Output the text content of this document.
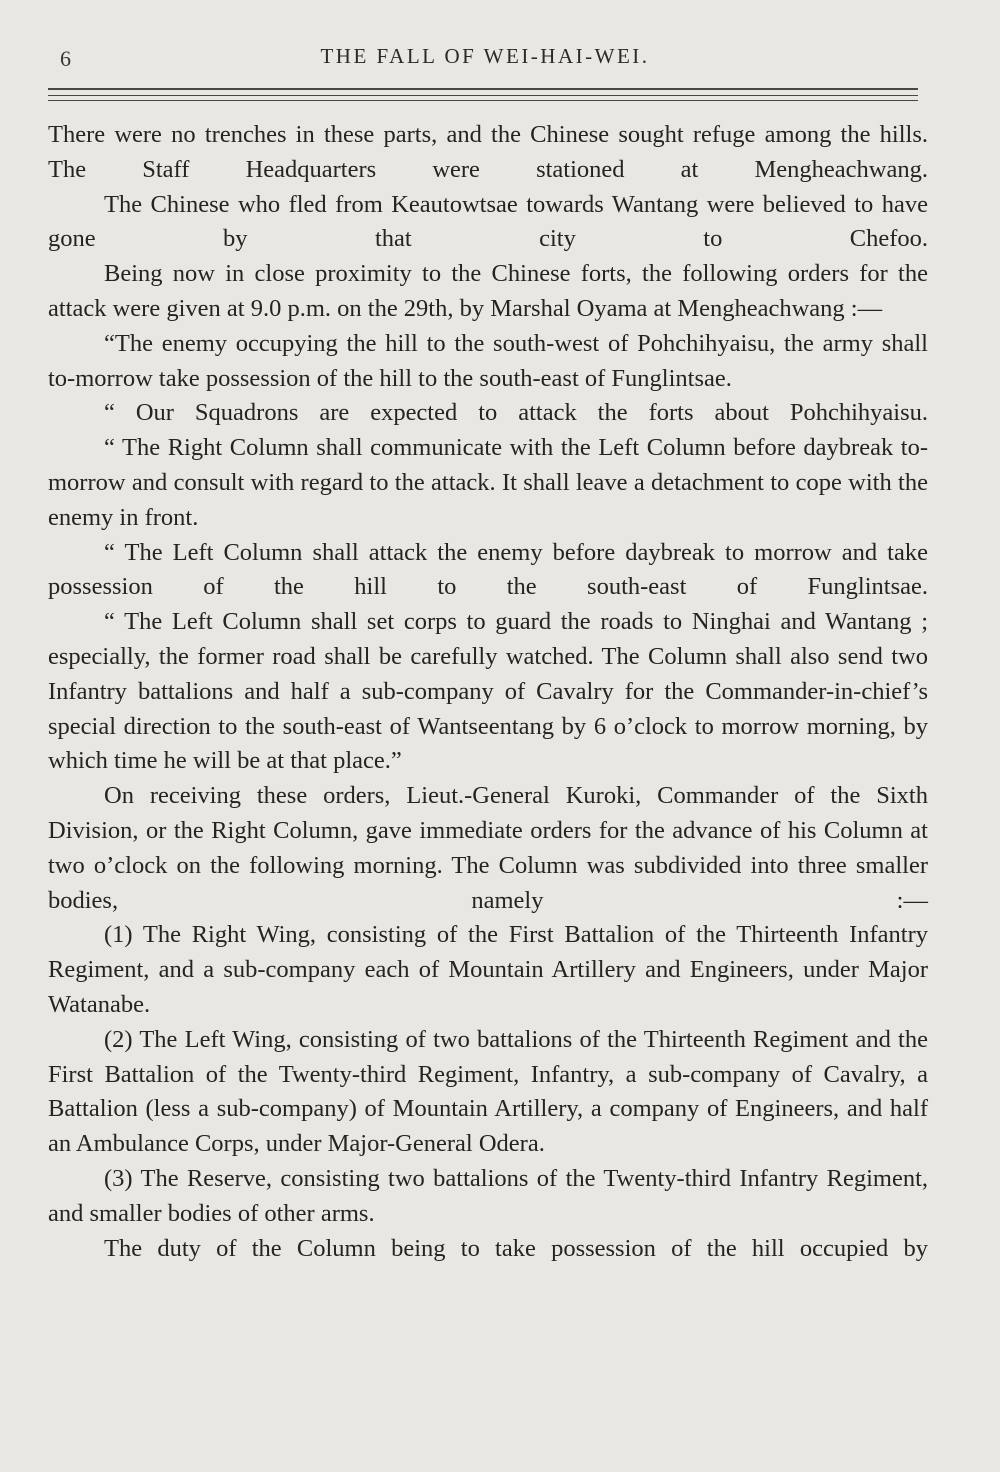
6	THE FALL OF WEI-HAI-WEI.

There were no trenches in these parts, and the Chinese sought refuge among the hills. The Staff Headquarters were stationed at Mengheachwang.

The Chinese who fled from Keautowtsae towards Wantang were believed to have gone by that city to Chefoo.

Being now in close proximity to the Chinese forts, the following orders for the attack were given at 9.0 p.m. on the 29th, by Marshal Oyama at Mengheachwang :—

“The enemy occupying the hill to the south-west of Pohchihyaisu, the army shall to-morrow take possession of the hill to the south-east of Funglintsae.

“ Our Squadrons are expected to attack the forts about Pohchihyaisu.

“ The Right Column shall communicate with the Left Column before daybreak to-morrow and consult with regard to the attack. It shall leave a detachment to cope with the enemy in front.

“ The Left Column shall attack the enemy before daybreak to morrow and take possession of the hill to the south-east of Funglintsae.

“ The Left Column shall set corps to guard the roads to Ninghai and Wantang ; especially, the former road shall be carefully watched. The Column shall also send two Infantry battalions and half a sub-company of Cavalry for the Commander-in-chief’s special direction to the south-east of Wantseentang by 6 o’clock to morrow morning, by which time he will be at that place.”

On receiving these orders, Lieut.-General Kuroki, Commander of the Sixth Division, or the Right Column, gave immediate orders for the advance of his Column at two o’clock on the following morning. The Column was subdivided into three smaller bodies, namely :—

(1) The Right Wing, consisting of the First Battalion of the Thirteenth Infantry Regiment, and a sub-company each of Mountain Artillery and Engineers, under Major Watanabe.

(2) The Left Wing, consisting of two battalions of the Thirteenth Regiment and the First Battalion of the Twenty-third Regiment, Infantry, a sub-company of Cavalry, a Battalion (less a sub-company) of Mountain Artillery, a company of Engineers, and half an Ambulance Corps, under Major-General Odera.

(3) The Reserve, consisting two battalions of the Twenty-third Infantry Regiment, and smaller bodies of other arms.

The duty of the Column being to take possession of the hill occupied by
